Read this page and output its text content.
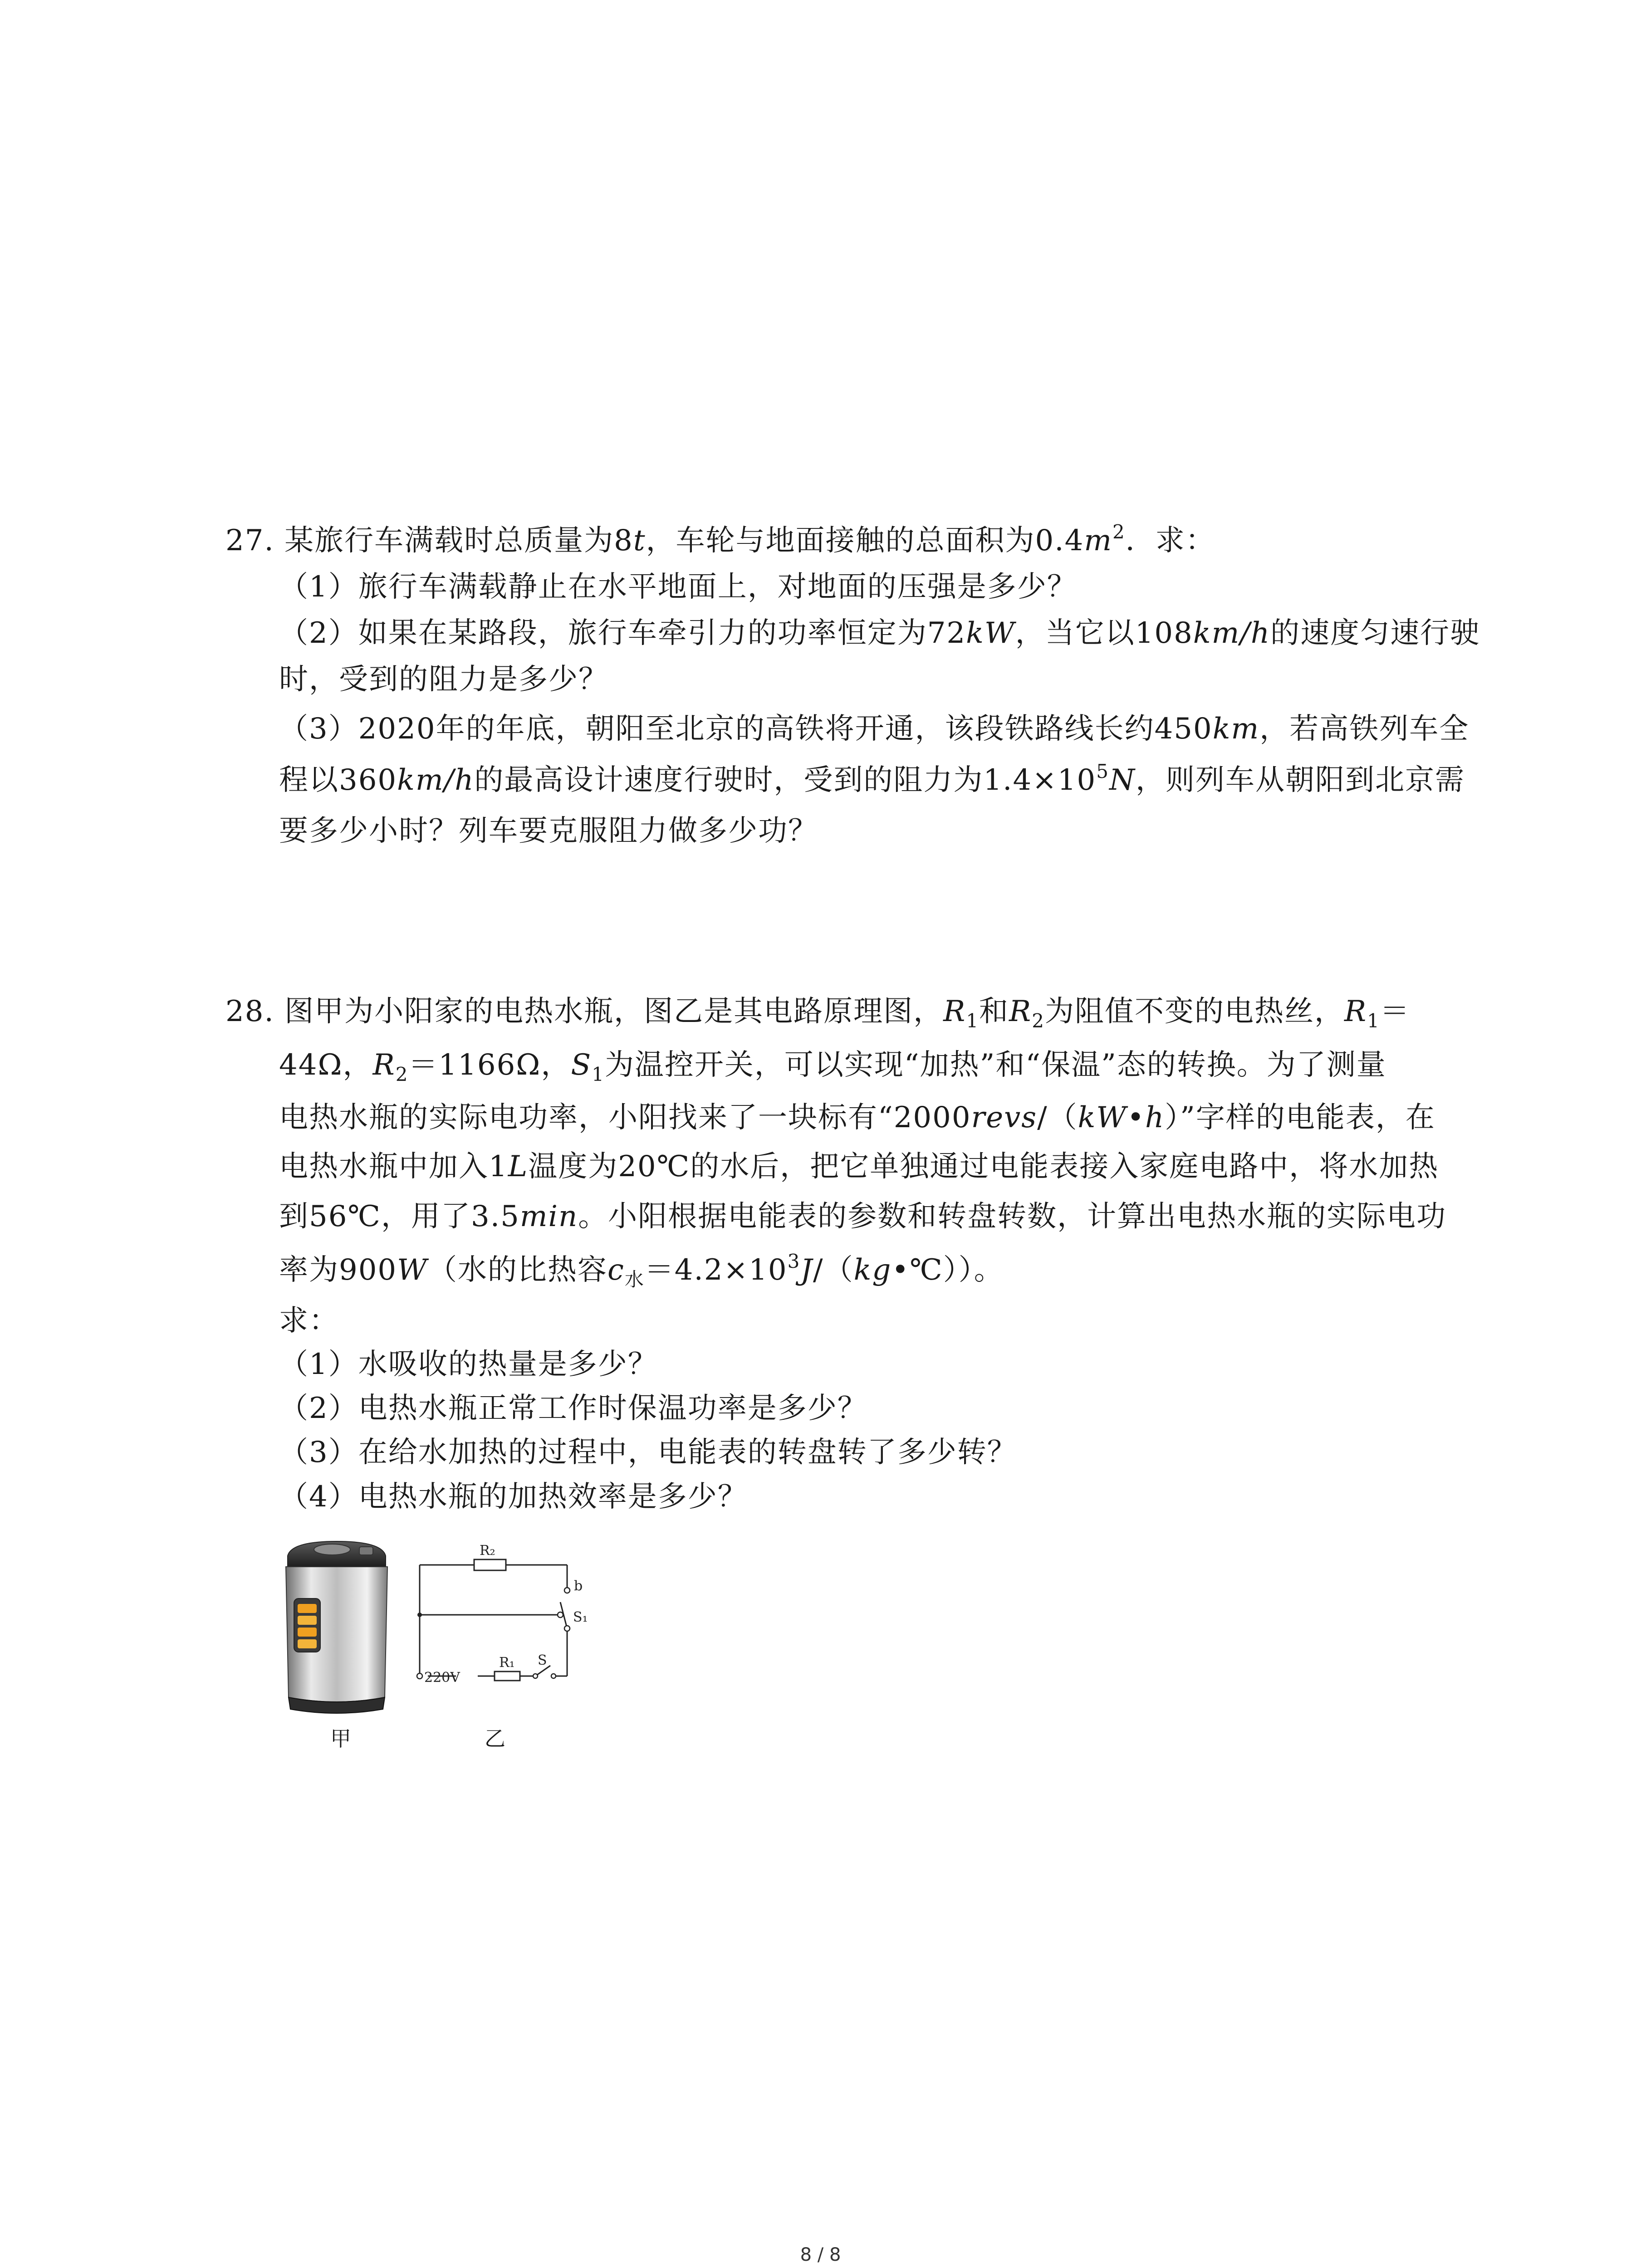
27. 某旅行车满载时总质量为8t，车轮与地面接触的总面积为$0.4m^2$．求：
（1）旅行车满载静止在水平地面上，对地面的压强是多少？
（2）如果在某路段，旅行车牵引力的功率恒定为72kW，当它以108km/h的速度匀速行驶
时，受到的阻力是多少？
（3）2020年的年底，朝阳至北京的高铁将开通，该段铁路线长约450km，若高铁列车全
程以360km/h的最高设计速度行驶时，受到的阻力为$1.4\times 10^5N$，则列车从朝阳到北京需
要多少小时？列车要克服阻力做多少功？
28. 图甲为小阳家的电热水瓶，图乙是其电路原理图，$R_1$和$R_2$为阻值不变的电热丝，$R_1=$
44Ω，$R_2=1166\Omega$，$S_1$为温控开关，可以实现“加热”和“保温”态的转换。为了测量
电热水瓶的实际电功率，小阳找来了一块标有“2000revs/（kW•h）”字样的电能表，在
电热水瓶中加入1L温度为20℃的水后，把它单独通过电能表接入家庭电路中，将水加热
到56℃，用了3.5min。小阳根据电能表的参数和转盘转数，计算出电热水瓶的实际电功
率为900W（水的比热容$c_水=4.2\times 10^3J/(kg•℃)$）。
求：
（1）水吸收的热量是多少？
（2）电热水瓶正常工作时保温功率是多少？
（3）在给水加热的过程中，电能表的转盘转了多少转？
（4）电热水瓶的加热效率是多少？
甲
R₂
b
S₁
220V
R₁ S
乙
8 / 8
